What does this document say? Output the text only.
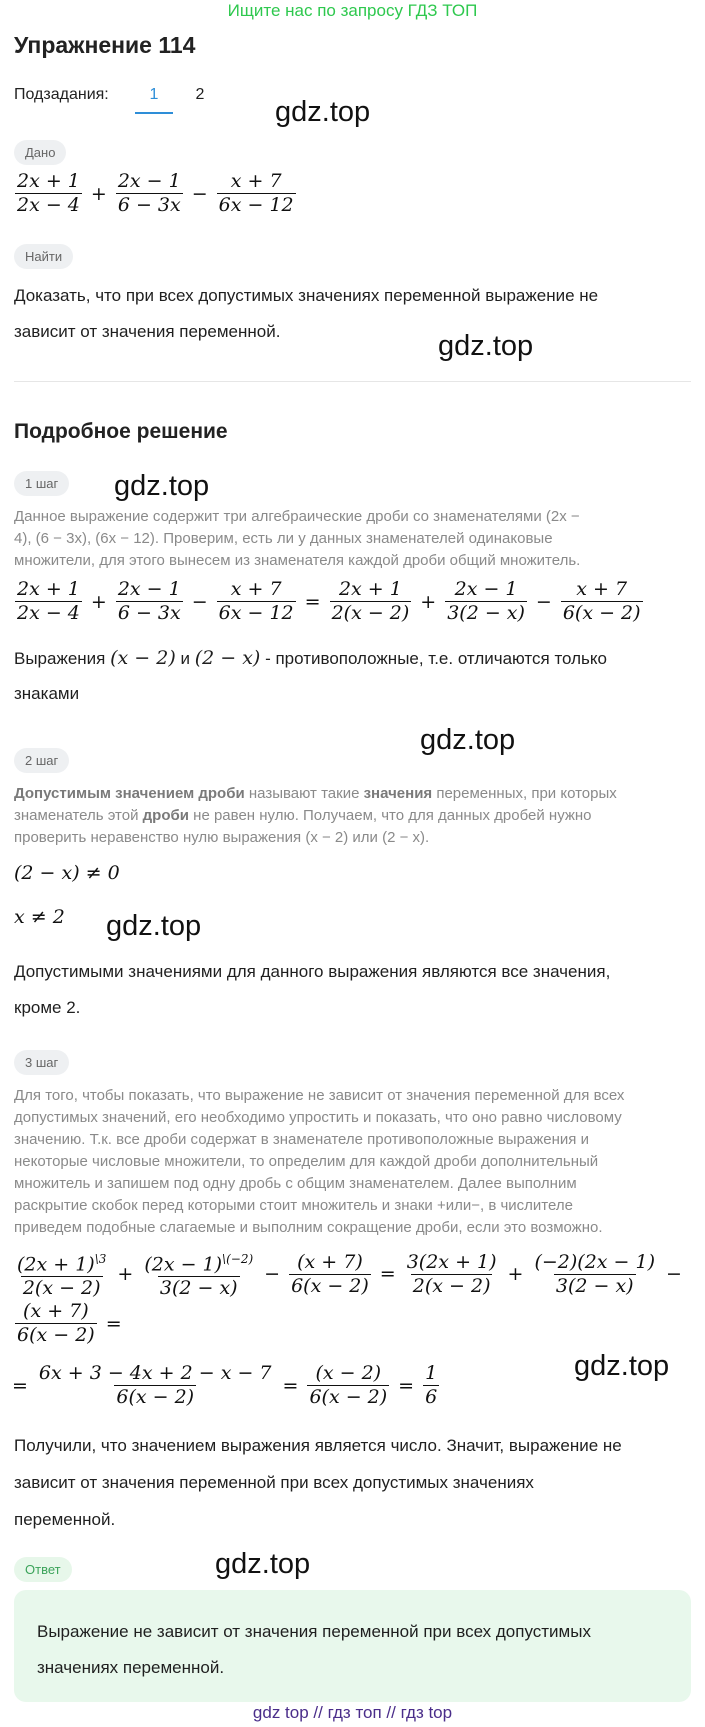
Ищите нас по запросу ГДЗ ТОП
Упражнение 114
Подзадания:	1	2
gdz.top
gdz.top
gdz.top
gdz.top
gdz.top
gdz.top
gdz.top
Дано
$\frac{2x + 1}{2x - 4} + \frac{2x - 1}{6 - 3x} - \frac{x + 7}{6x - 12}$
Найти
Доказать, что при всех допустимых значениях переменной выражение не
зависит от значения переменной.
Подробное решение
1 шаг
Данное выражение содержит три алгебраические дроби со знаменателями (2x −
4), (6 − 3x), (6x − 12). Проверим, есть ли у данных знаменателей одинаковые
множители, для этого вынесем из знаменателя каждой дроби общий множитель.
$\frac{2x + 1}{2x - 4} + \frac{2x - 1}{6 - 3x} - \frac{x + 7}{6x - 12} = \frac{2x + 1}{2(x - 2)} + \frac{2x - 1}{3(2 - x)} - \frac{x + 7}{6(x - 2)}$
Выражения (x − 2) и (2 − x) - противоположные, т.е. отличаются только
знаками
2 шаг
Допустимым значением дроби называют такие значения переменных, при которых
знаменатель этой дроби не равен нулю. Получаем, что для данных дробей нужно
проверить неравенство нулю выражения (x − 2) или (2 − x).
(2 − x) ≠ 0
x ≠ 2
Допустимыми значениями для данного выражения являются все значения,
кроме 2.
3 шаг
Для того, чтобы показать, что выражение не зависит от значения переменной для всех
допустимых значений, его необходимо упростить и показать, что оно равно числовому
значению. Т.к. все дроби содержат в знаменателе противоположные выражения и
некоторые числовые множители, то определим для каждой дроби дополнительный
множитель и запишем под одну дробь с общим знаменателем. Далее выполним
раскрытие скобок перед которыми стоит множитель и знаки +или−, в числителе
приведем подобные слагаемые и выполним сокращение дроби, если это возможно.
$\frac{(2x + 1)^{\backslash 3}}{2(x - 2)} + \frac{(2x - 1)^{\backslash(-2)}}{3(2 - x)} - \frac{(x + 7)}{6(x - 2)} = \frac{3(2x + 1)}{2(x - 2)} + \frac{(-2)(2x - 1)}{3(2 - x)}$ −
$\frac{(x + 7)}{6(x - 2)}$ =
= $\frac{6x + 3 - 4x + 2 - x - 7}{6(x - 2)} = \frac{(x - 2)}{6(x - 2)} = \frac{1}{6}$
Получили, что значением выражения является число. Значит, выражение не
зависит от значения переменной при всех допустимых значениях
переменной.
Ответ
Выражение не зависит от значения переменной при всех допустимых
значениях переменной.
gdz top // гдз топ // гдз top
